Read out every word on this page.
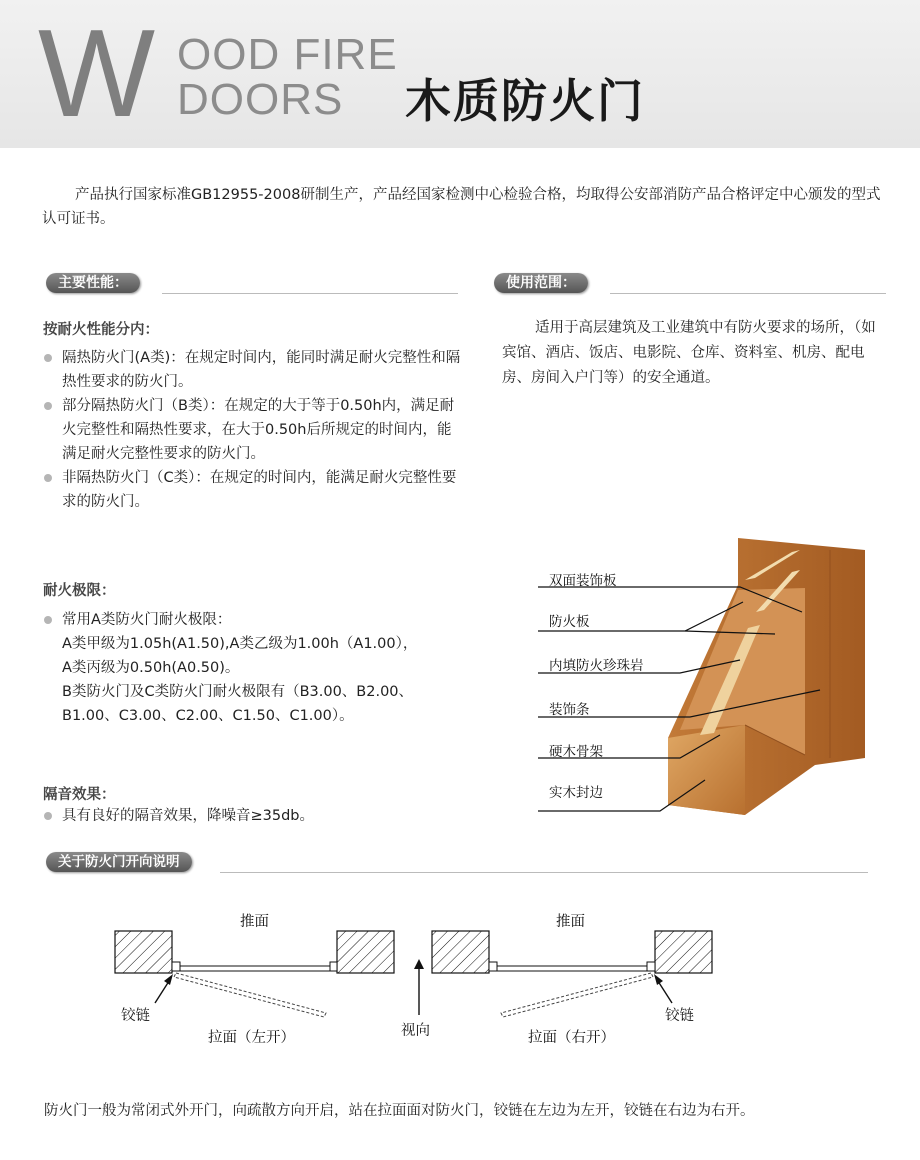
W OOD FIRE
DOORS 木质防火门
产品执行国家标准GB12955-2008研制生产，产品经国家检测中心检验合格，均取得公安部消防产品合格评定中心颁发的型式认可证书。
主要性能：
按耐火性能分内：
隔热防火门(A类)：在规定时间内，能同时满足耐火完整性和隔热性要求的防火门。
部分隔热防火门（B类）：在规定的大于等于0.50h内，满足耐火完整性和隔热性要求，在大于0.50h后所规定的时间内，能满足耐火完整性要求的防火门。
非隔热防火门（C类）：在规定的时间内，能满足耐火完整性要求的防火门。
耐火极限：
常用A类防火门耐火极限：
A类甲级为1.05h(A1.50),A类乙级为1.00h（A1.00），
A类丙级为0.50h(A0.50)。
B类防火门及C类防火门耐火极限有（B3.00、B2.00、
B1.00、C3.00、C2.00、C1.50、C1.00）。
隔音效果：
具有良好的隔音效果，降噪音≥35db。
使用范围：
适用于高层建筑及工业建筑中有防火要求的场所，（如宾馆、酒店、饭店、电影院、仓库、资料室、机房、配电房、房间入户门等）的安全通道。
双面装饰板
防火板
内填防火珍珠岩
装饰条
硬木骨架
实木封边
关于防火门开向说明
推面
铰链
拉面（左开）	视向
推面
铰链
拉面（右开）
防火门一般为常闭式外开门，向疏散方向开启，站在拉面面对防火门，铰链在左边为左开，铰链在右边为右开。
